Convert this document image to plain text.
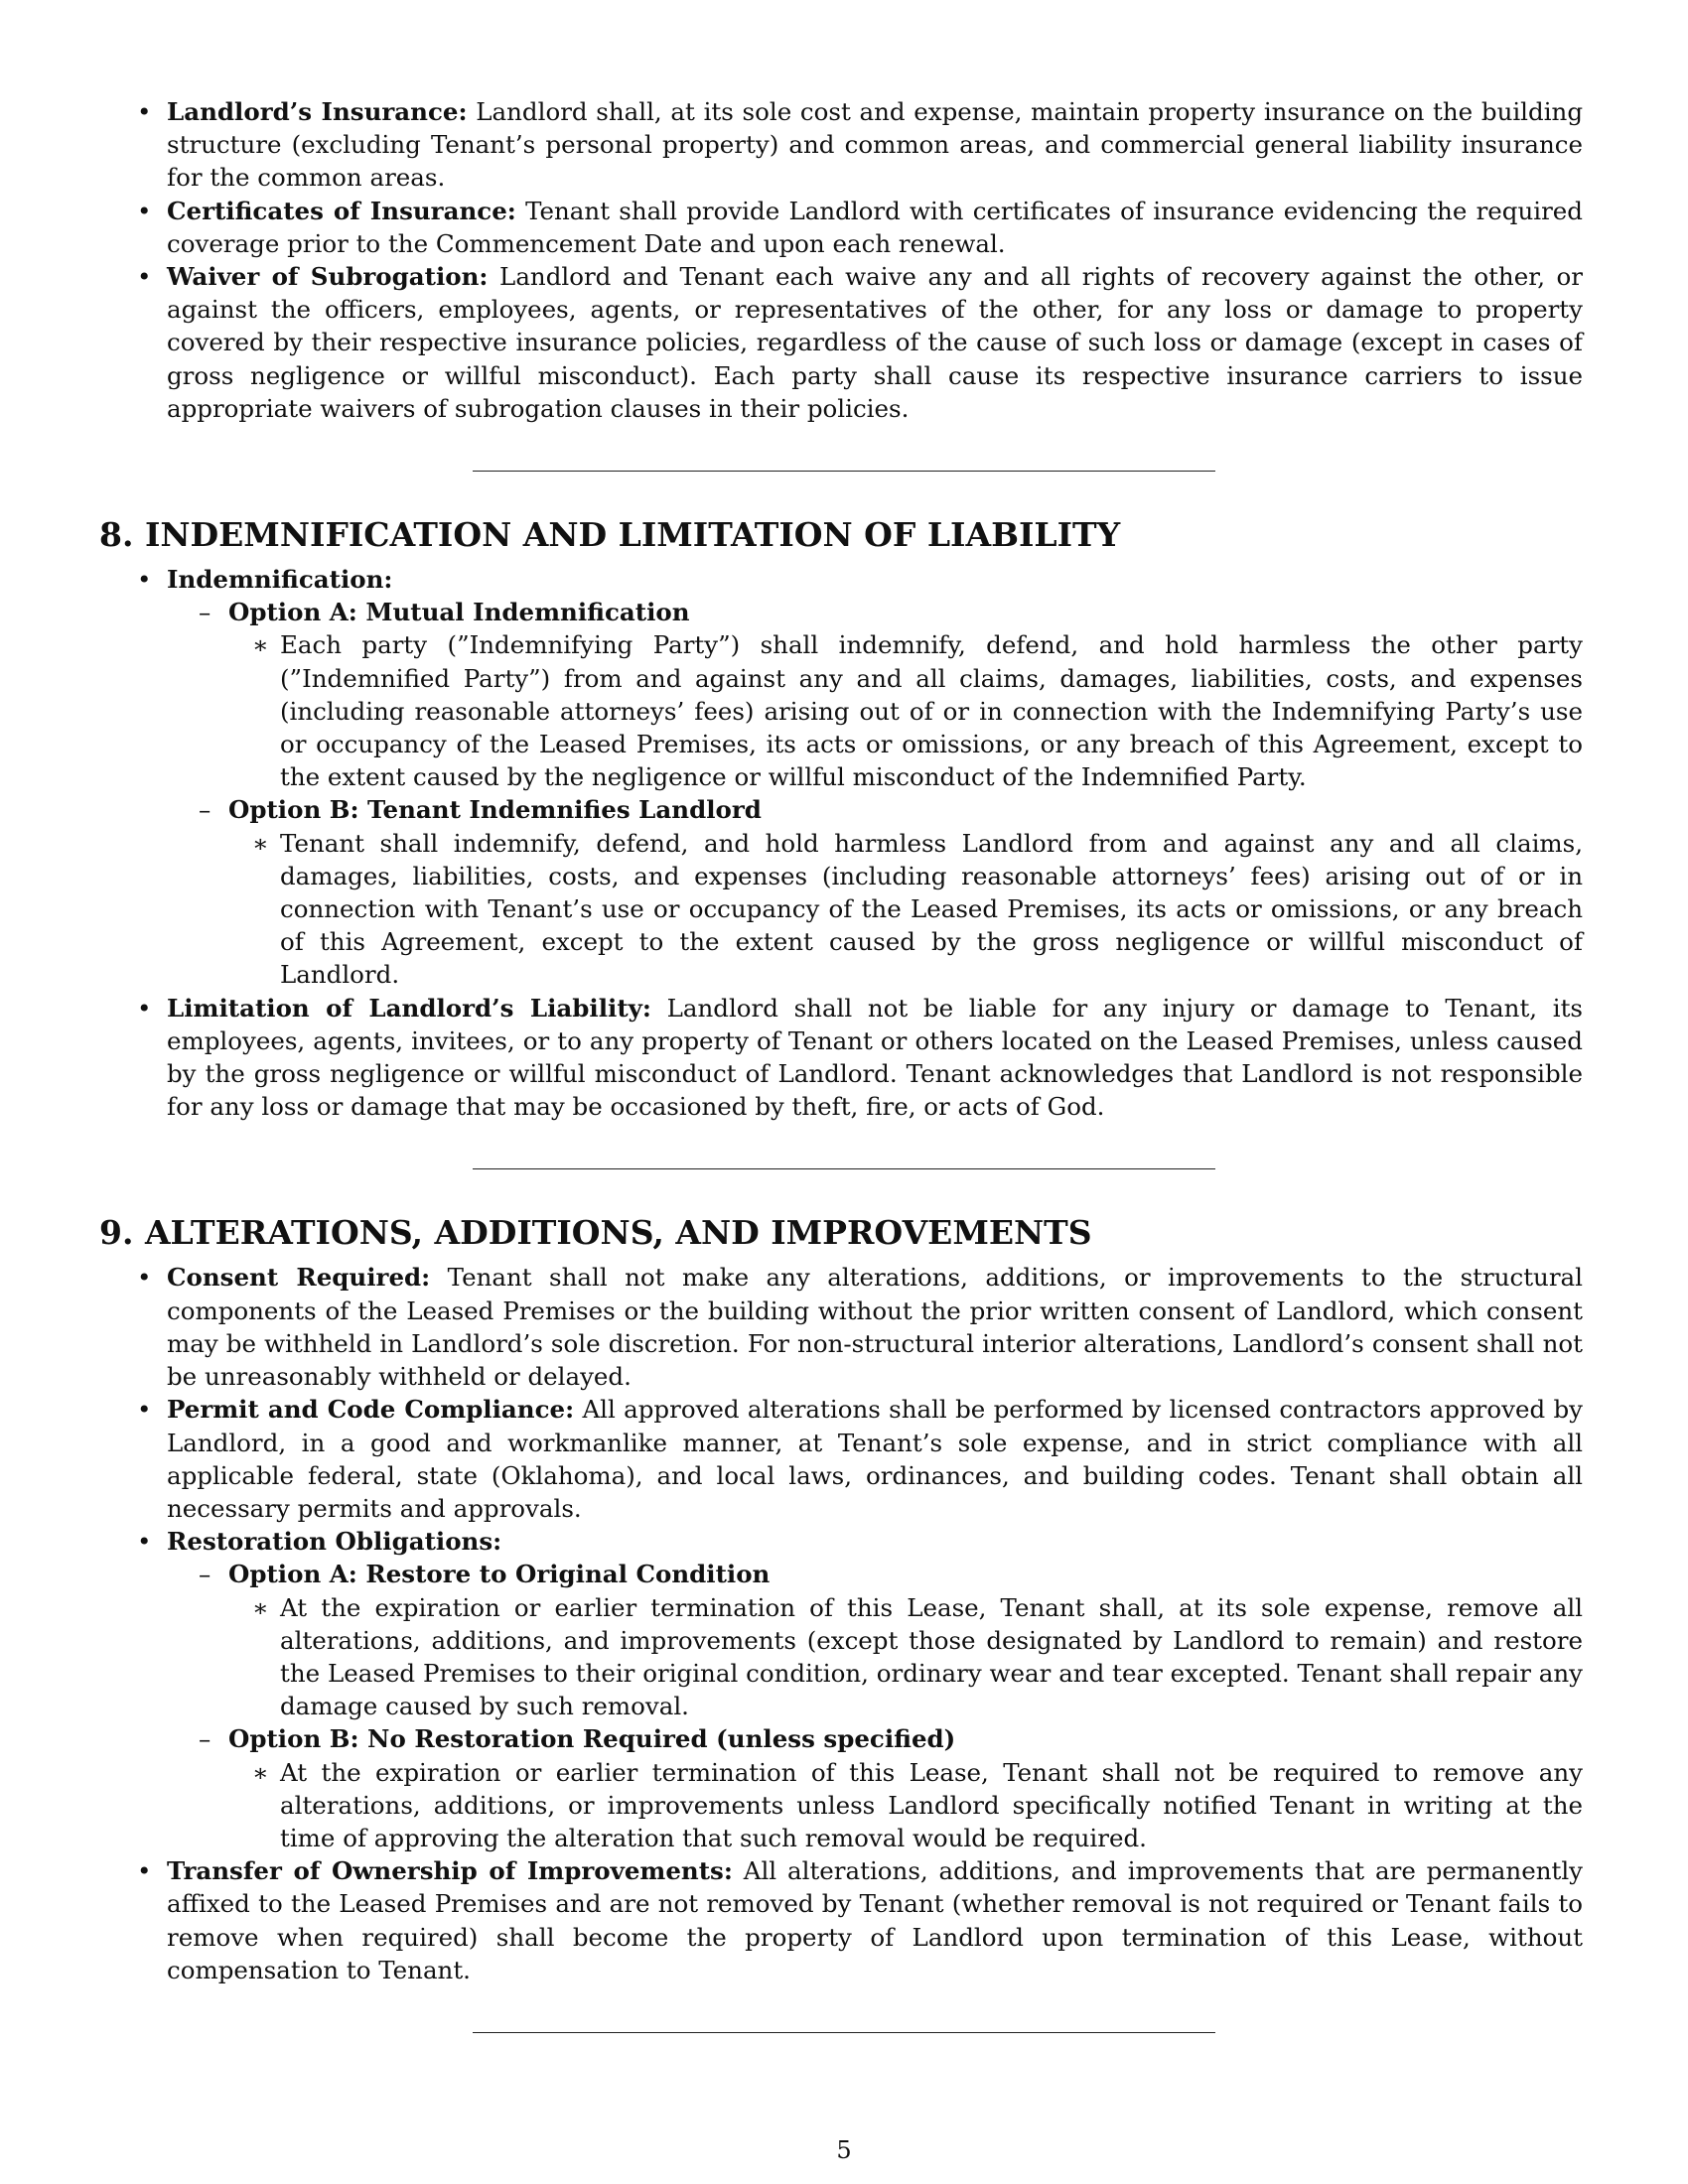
• Landlord’s Insurance: Landlord shall, at its sole cost and expense, maintain property insurance on the building structure (excluding Tenant’s personal property) and common areas, and commercial general liability insurance for the common areas.
• Certificates of Insurance: Tenant shall provide Landlord with certificates of insurance evidencing the required coverage prior to the Commencement Date and upon each renewal.
• Waiver of Subrogation: Landlord and Tenant each waive any and all rights of recovery against the other, or against the officers, employees, agents, or representatives of the other, for any loss or damage to property covered by their respective insurance policies, regardless of the cause of such loss or damage (except in cases of gross negligence or willful misconduct). Each party shall cause its respective insurance carriers to issue appropriate waivers of subrogation clauses in their policies.
8. INDEMNIFICATION AND LIMITATION OF LIABILITY
• Indemnification:
– Option A: Mutual Indemnification
∗ Each party (”Indemnifying Party”) shall indemnify, defend, and hold harmless the other party (”Indemnified Party”) from and against any and all claims, damages, liabilities, costs, and expenses (including reasonable attorneys’ fees) arising out of or in connection with the Indemnifying Party’s use or occupancy of the Leased Premises, its acts or omissions, or any breach of this Agreement, except to the extent caused by the negligence or willful misconduct of the Indemnified Party.
– Option B: Tenant Indemnifies Landlord
∗ Tenant shall indemnify, defend, and hold harmless Landlord from and against any and all claims, damages, liabilities, costs, and expenses (including reasonable attorneys’ fees) arising out of or in connection with Tenant’s use or occupancy of the Leased Premises, its acts or omissions, or any breach of this Agreement, except to the extent caused by the gross negligence or willful misconduct of Landlord.
• Limitation of Landlord’s Liability: Landlord shall not be liable for any injury or damage to Tenant, its employees, agents, invitees, or to any property of Tenant or others located on the Leased Premises, unless caused by the gross negligence or willful misconduct of Landlord. Tenant acknowledges that Landlord is not responsible for any loss or damage that may be occasioned by theft, fire, or acts of God.
9. ALTERATIONS, ADDITIONS, AND IMPROVEMENTS
• Consent Required: Tenant shall not make any alterations, additions, or improvements to the structural components of the Leased Premises or the building without the prior written consent of Landlord, which consent may be withheld in Landlord’s sole discretion. For non-structural interior alterations, Landlord’s consent shall not be unreasonably withheld or delayed.
• Permit and Code Compliance: All approved alterations shall be performed by licensed contractors approved by Landlord, in a good and workmanlike manner, at Tenant’s sole expense, and in strict compliance with all applicable federal, state (Oklahoma), and local laws, ordinances, and building codes. Tenant shall obtain all necessary permits and approvals.
• Restoration Obligations:
– Option A: Restore to Original Condition
∗ At the expiration or earlier termination of this Lease, Tenant shall, at its sole expense, remove all alterations, additions, and improvements (except those designated by Landlord to remain) and restore the Leased Premises to their original condition, ordinary wear and tear excepted. Tenant shall repair any damage caused by such removal.
– Option B: No Restoration Required (unless specified)
∗ At the expiration or earlier termination of this Lease, Tenant shall not be required to remove any alterations, additions, or improvements unless Landlord specifically notified Tenant in writing at the time of approving the alteration that such removal would be required.
• Transfer of Ownership of Improvements: All alterations, additions, and improvements that are permanently affixed to the Leased Premises and are not removed by Tenant (whether removal is not required or Tenant fails to remove when required) shall become the property of Landlord upon termination of this Lease, without compensation to Tenant.
5
